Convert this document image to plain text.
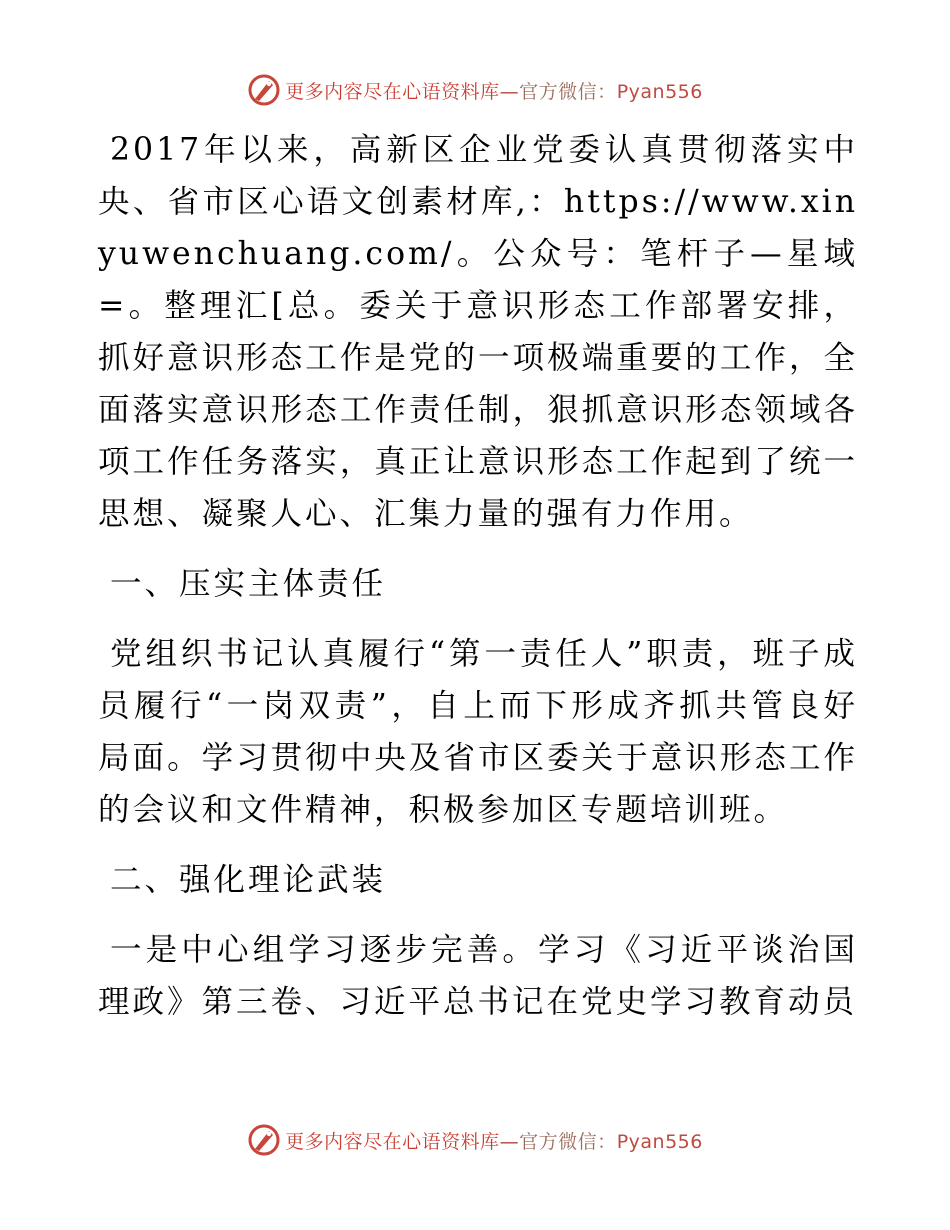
更多内容尽在心语资料库—官方微信：Pyan556

2017年以来，高新区企业党委认真贯彻落实中央、省市区心语文创素材库,：https://www.xinyuwenchuang.com/。公众号：笔杆子—星域=。整理汇[总。委关于意识形态工作部署安排，抓好意识形态工作是党的一项极端重要的工作，全面落实意识形态工作责任制，狠抓意识形态领域各项工作任务落实，真正让意识形态工作起到了统一思想、凝聚人心、汇集力量的强有力作用。

一、压实主体责任

党组织书记认真履行“第一责任人”职责，班子成员履行“一岗双责”，自上而下形成齐抓共管良好局面。学习贯彻中央及省市区委关于意识形态工作的会议和文件精神，积极参加区专题培训班。

二、强化理论武装

一是中心组学习逐步完善。学习《习近平谈治国理政》第三卷、习近平总书记在党史学习教育动员

更多内容尽在心语资料库—官方微信：Pyan556
